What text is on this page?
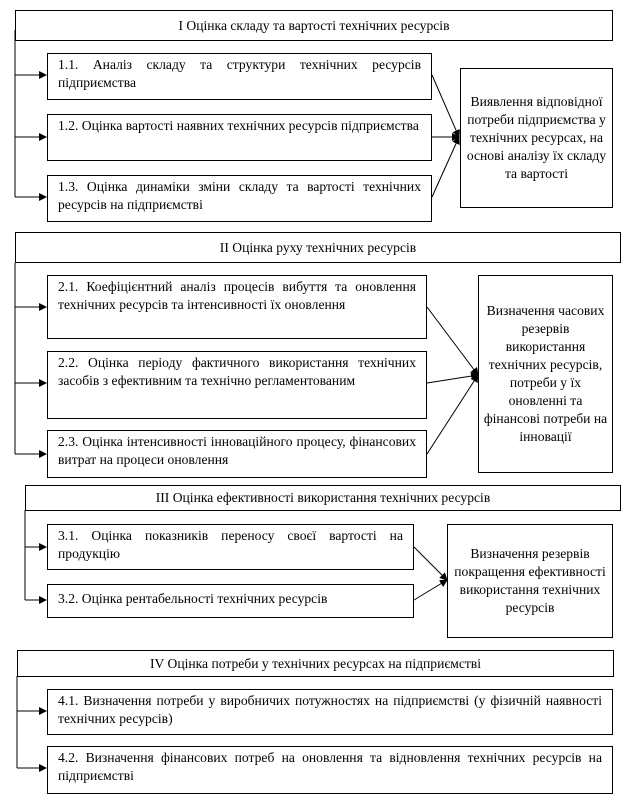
I Оцінка складу та вартості технічних ресурсів
1.1. Аналіз складу та структури технічних ресурсів підприємства
1.2. Оцінка вартості наявних технічних ресурсів підприємства
1.3. Оцінка динаміки зміни складу та вартості технічних ресурсів на підприємстві
Виявлення відповідної потреби підприємства у технічних ресурсах, на основі аналізу їх складу та вартості
II Оцінка руху технічних ресурсів
2.1. Коефіцієнтний аналіз процесів вибуття та оновлення технічних ресурсів та інтенсивності їх оновлення
2.2. Оцінка періоду фактичного використання технічних засобів з ефективним та технічно регламентованим
2.3. Оцінка інтенсивності інноваційного процесу, фінансових витрат на процеси оновлення
Визначення часових резервів використання технічних ресурсів, потреби у їх оновленні та фінансові потреби на інновації
III Оцінка ефективності використання технічних ресурсів
3.1. Оцінка показників переносу своєї вартості на продукцію
3.2. Оцінка рентабельності технічних ресурсів
Визначення резервів покращення ефективності використання технічних ресурсів
IV Оцінка потреби у технічних ресурсах на підприємстві
4.1. Визначення потреби у виробничих потужностях на підприємстві (у фізичній наявності технічних ресурсів)
4.2. Визначення фінансових потреб на оновлення та відновлення технічних ресурсів на підприємстві
